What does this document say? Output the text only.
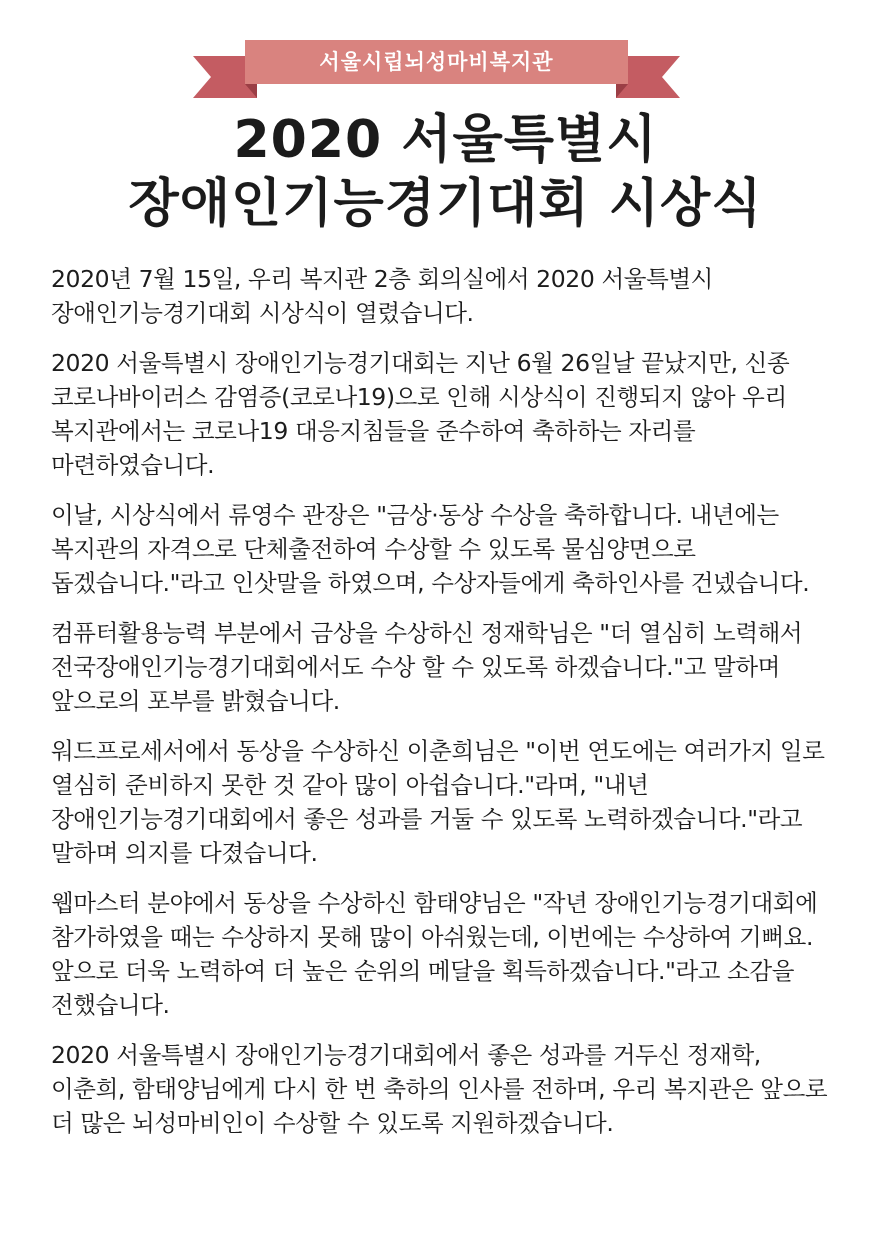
서울시립뇌성마비복지관
2020 서울특별시
장애인기능경기대회 시상식

2020년 7월 15일, 우리 복지관 2층 회의실에서 2020 서울특별시 장애인기능경기대회 시상식이 열렸습니다.

2020 서울특별시 장애인기능경기대회는 지난 6월 26일날 끝났지만, 신종 코로나바이러스 감염증(코로나19)으로 인해 시상식이 진행되지 않아 우리 복지관에서는 코로나19 대응지침들을 준수하여 축하하는 자리를 마련하였습니다.

이날, 시상식에서 류영수 관장은 "금상·동상 수상을 축하합니다. 내년에는 복지관의 자격으로 단체출전하여 수상할 수 있도록 물심양면으로 돕겠습니다."라고 인삿말을 하였으며, 수상자들에게 축하인사를 건넸습니다.

컴퓨터활용능력 부분에서 금상을 수상하신 정재학님은 "더 열심히 노력해서 전국장애인기능경기대회에서도 수상 할 수 있도록 하겠습니다."고 말하며 앞으로의 포부를 밝혔습니다.

워드프로세서에서 동상을 수상하신 이춘희님은 "이번 연도에는 여러가지 일로 열심히 준비하지 못한 것 같아 많이 아쉽습니다."라며, "내년 장애인기능경기대회에서 좋은 성과를 거둘 수 있도록 노력하겠습니다."라고 말하며 의지를 다졌습니다.

웹마스터 분야에서 동상을 수상하신 함태양님은 "작년 장애인기능경기대회에 참가하였을 때는 수상하지 못해 많이 아쉬웠는데, 이번에는 수상하여 기뻐요. 앞으로 더욱 노력하여 더 높은 순위의 메달을 획득하겠습니다."라고 소감을 전했습니다.

2020 서울특별시 장애인기능경기대회에서 좋은 성과를 거두신 정재학, 이춘희, 함태양님에게 다시 한 번 축하의 인사를 전하며, 우리 복지관은 앞으로 더 많은 뇌성마비인이 수상할 수 있도록 지원하겠습니다.
